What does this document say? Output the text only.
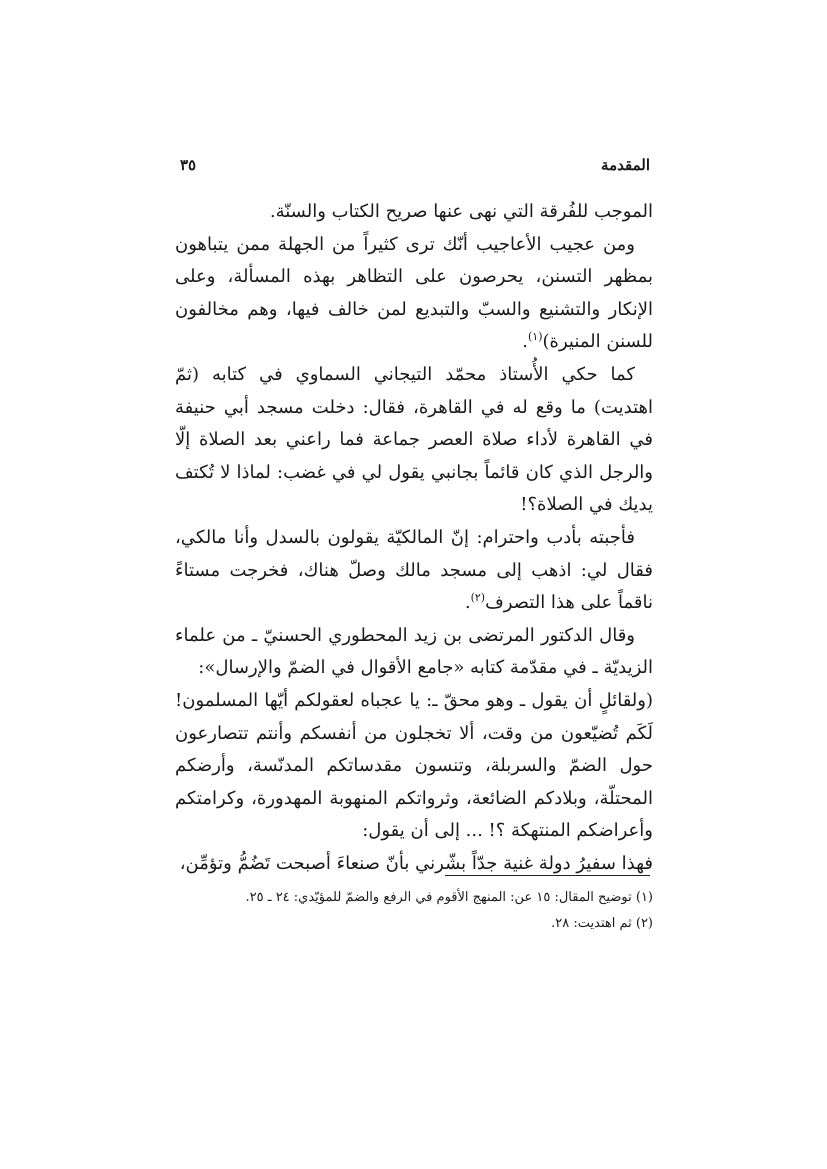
المقدمة
٣٥

الموجب للفُرقة التي نهى عنها صريح الكتاب والسنّة.

ومن عجيب الأعاجيب أنّك ترى كثيراً من الجهلة ممن يتباهون بمظهر التسنن، يحرصون على التظاهر بهذه المسألة، وعلى الإنكار والتشنيع والسبّ والتبديع لمن خالف فيها، وهم مخالفون للسنن المنيرة)$^{(١)}$.

كما حكي الأُستاذ محمّد التيجاني السماوي في كتابه (ثمّ اهتديت) ما وقع له في القاهرة، فقال: دخلت مسجد أبي حنيفة في القاهرة لأداء صلاة العصر جماعة فما راعني بعد الصلاة إلّا والرجل الذي كان قائماً بجانبي يقول لي في غضب: لماذا لا تُكتف يديك في الصلاة؟!

فأجبته بأدب واحترام: إنّ المالكيّة يقولون بالسدل وأنا مالكي، فقال لي: اذهب إلى مسجد مالك وصلّ هناك، فخرجت مستاءً ناقماً على هذا التصرف$^{(٢)}$.

وقال الدكتور المرتضى بن زيد المحطوري الحسنيّ ـ من علماء الزيديّة ـ في مقدّمة كتابه «جامع الأقوال في الضمّ والإرسال»:

(ولقائلٍ أن يقول ـ وهو محقّ ـ: يا عجباه لعقولكم أيّها المسلمون! لَكَم تُضيّعون من وقت، ألا تخجلون من أنفسكم وأنتم تتصارعون حول الضمّ والسربلة، وتنسون مقدساتكم المدنّسة، وأرضكم المحتلّة، وبلادكم الضائعة، وثرواتكم المنهوبة المهدورة، وكرامتكم وأعراضكم المنتهكة ؟! ... إلى أن يقول:

فهذا سفيرُ دولة غنية جدّاً بشّرني بأنّ صنعاءَ أصبحت تَضُمُّ وتؤمِّن،

(١) توضيح المقال: ١٥ عن: المنهج الأقوم في الرفع والضمّ للمؤيّدي: ٢٤ ـ ٢٥.

(٢) ثم اهتديت: ٢٨.
